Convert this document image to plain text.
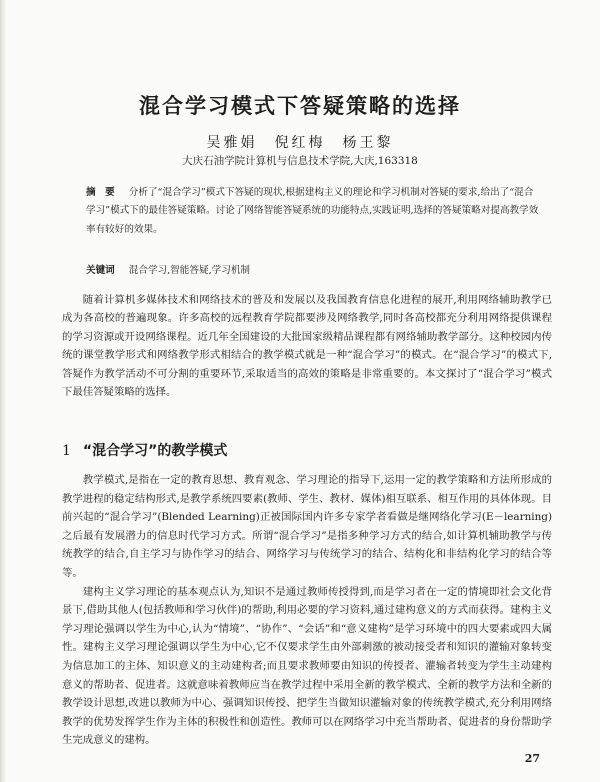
混合学习模式下答疑策略的选择
吴雅娟　倪红梅　杨王黎
大庆石油学院计算机与信息技术学院,大庆,163318
摘　要 分析了“混合学习”模式下答疑的现状,根据建构主义的理论和学习机制对答疑的要求,给出了“混合学习”模式下的最佳答疑策略。讨论了网络智能答疑系统的功能特点,实践证明,选择的答疑策略对提高教学效率有较好的效果。
关键词 混合学习,智能答疑,学习机制

随着计算机多媒体技术和网络技术的普及和发展以及我国教育信息化进程的展开,利用网络辅助教学已成为各高校的普遍现象。许多高校的远程教育学院都要涉及网络教学,同时各高校都充分利用网络提供课程的学习资源或开设网络课程。近几年全国建设的大批国家级精品课程都有网络辅助教学部分。这种校园内传统的课堂教学形式和网络教学形式相结合的教学模式就是一种“混合学习”的模式。在“混合学习”的模式下,答疑作为教学活动不可分割的重要环节,采取适当的高效的策略是非常重要的。本文探讨了“混合学习”模式下最佳答疑策略的选择。

1 “混合学习”的教学模式

教学模式,是指在一定的教育思想、教育观念、学习理论的指导下,运用一定的教学策略和方法所形成的教学进程的稳定结构形式,是教学系统四要素(教师、学生、教材、媒体)相互联系、相互作用的具体体现。目前兴起的“混合学习”(Blended Learning)正被国际国内许多专家学者看做是继网络化学习(E－learning)之后最有发展潜力的信息时代学习方式。所谓“混合学习”是指多种学习方式的结合,如计算机辅助教学与传统教学的结合,自主学习与协作学习的结合、网络学习与传统学习的结合、结构化和非结构化学习的结合等等。

建构主义学习理论的基本观点认为,知识不是通过教师传授得到,而是学习者在一定的情境即社会文化背景下,借助其他人(包括教师和学习伙伴)的帮助,利用必要的学习资料,通过建构意义的方式而获得。建构主义学习理论强调以学生为中心,认为“情境”、“协作”、“会话”和“意义建构”是学习环境中的四大要素或四大属性。建构主义学习理论强调以学生为中心,它不仅要求学生由外部刺激的被动接受者和知识的灌输对象转变为信息加工的主体、知识意义的主动建构者;而且要求教师要由知识的传授者、灌输者转变为学生主动建构意义的帮助者、促进者。这就意味着教师应当在教学过程中采用全新的教学模式、全新的教学方法和全新的教学设计思想,改进以教师为中心、强调知识传授、把学生当做知识灌输对象的传统教学模式,充分利用网络教学的优势发挥学生作为主体的积极性和创造性。教师可以在网络学习中充当帮助者、促进者的身份帮助学生完成意义的建构。

27
